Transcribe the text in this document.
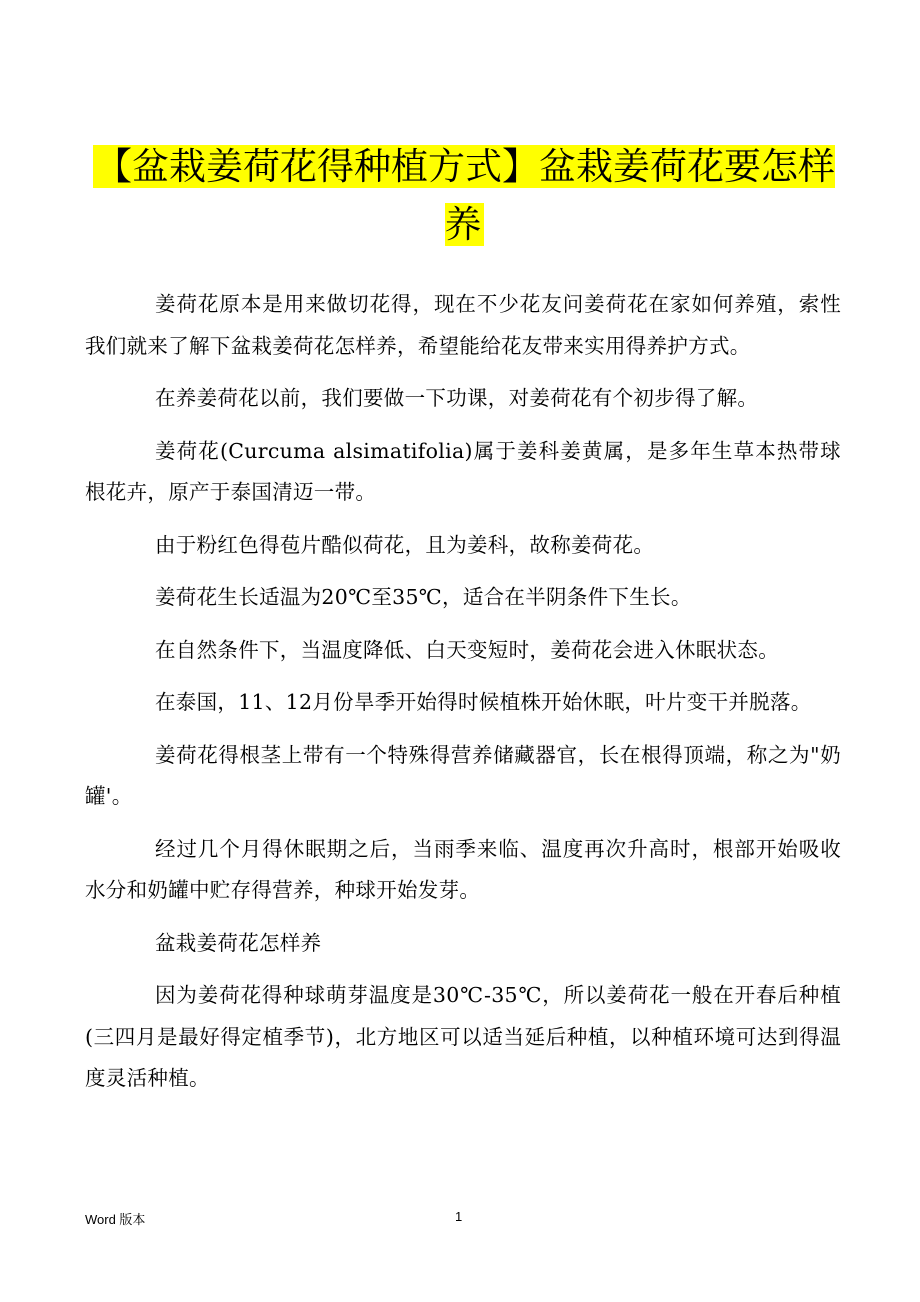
【盆栽姜荷花得种植方式】盆栽姜荷花要怎样养

姜荷花原本是用来做切花得，现在不少花友问姜荷花在家如何养殖，索性我们就来了解下盆栽姜荷花怎样养，希望能给花友带来实用得养护方式。

在养姜荷花以前，我们要做一下功课，对姜荷花有个初步得了解。

姜荷花(Curcuma alsimatifolia)属于姜科姜黄属，是多年生草本热带球根花卉，原产于泰国清迈一带。

由于粉红色得苞片酷似荷花，且为姜科，故称姜荷花。

姜荷花生长适温为20℃至35℃，适合在半阴条件下生长。

在自然条件下，当温度降低、白天变短时，姜荷花会进入休眠状态。

在泰国，11、12月份旱季开始得时候植株开始休眠，叶片变干并脱落。

姜荷花得根茎上带有一个特殊得营养储藏器官，长在根得顶端，称之为"奶罐'。

经过几个月得休眠期之后，当雨季来临、温度再次升高时，根部开始吸收水分和奶罐中贮存得营养，种球开始发芽。

盆栽姜荷花怎样养

因为姜荷花得种球萌芽温度是30℃-35℃，所以姜荷花一般在开春后种植(三四月是最好得定植季节)，北方地区可以适当延后种植，以种植环境可达到得温度灵活种植。

Word 版本	1
